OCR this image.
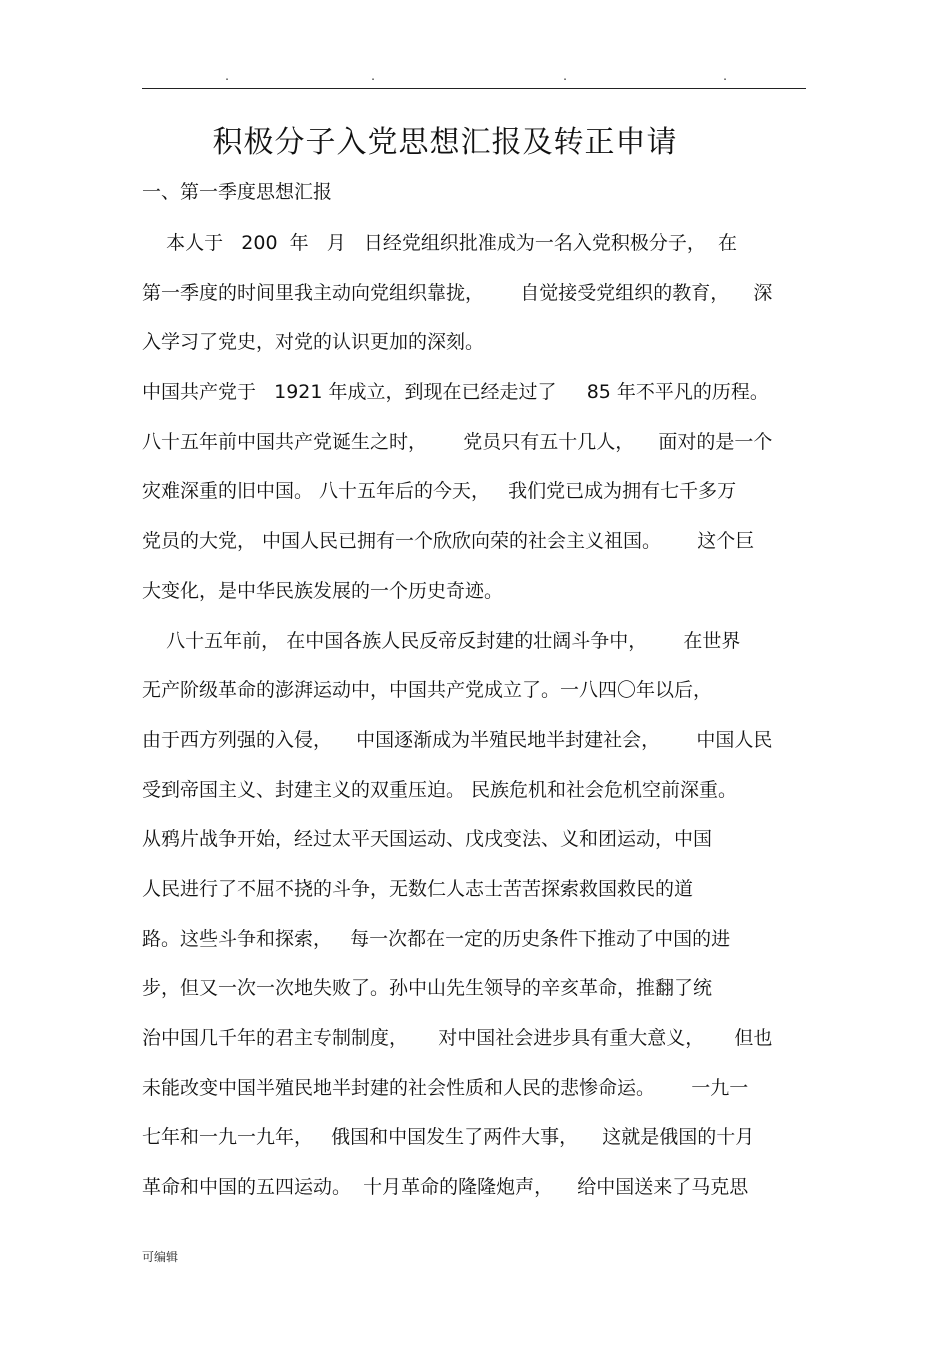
.	.	.	.
积极分子入党思想汇报及转正申请
一、第一季度思想汇报
本人于   200  年   月   日经党组织批准成为一名入党积极分子，  在
第一季度的时间里我主动向党组织靠拢，      自觉接受党组织的教育，    深
入学习了党史，对党的认识更加的深刻。
中国共产党于   1921 年成立，到现在已经走过了     85 年不平凡的历程。
八十五年前中国共产党诞生之时，      党员只有五十几人，    面对的是一个
灾难深重的旧中国。 八十五年后的今天，   我们党已成为拥有七千多万
党员的大党， 中国人民已拥有一个欣欣向荣的社会主义祖国。      这个巨
大变化，是中华民族发展的一个历史奇迹。
八十五年前， 在中国各族人民反帝反封建的壮阔斗争中，      在世界
无产阶级革命的澎湃运动中，中国共产党成立了。一八四〇年以后，
由于西方列强的入侵，    中国逐渐成为半殖民地半封建社会，      中国人民
受到帝国主义、封建主义的双重压迫。 民族危机和社会危机空前深重。
从鸦片战争开始，经过太平天国运动、戊戌变法、义和团运动，中国
人民进行了不屈不挠的斗争，无数仁人志士苦苦探索救国救民的道
路。这些斗争和探索，   每一次都在一定的历史条件下推动了中国的进
步，但又一次一次地失败了。孙中山先生领导的辛亥革命，推翻了统
治中国几千年的君主专制制度，     对中国社会进步具有重大意义，     但也
未能改变中国半殖民地半封建的社会性质和人民的悲惨命运。      一九一
七年和一九一九年，   俄国和中国发生了两件大事，    这就是俄国的十月
革命和中国的五四运动。  十月革命的隆隆炮声，    给中国送来了马克思
可编辑
